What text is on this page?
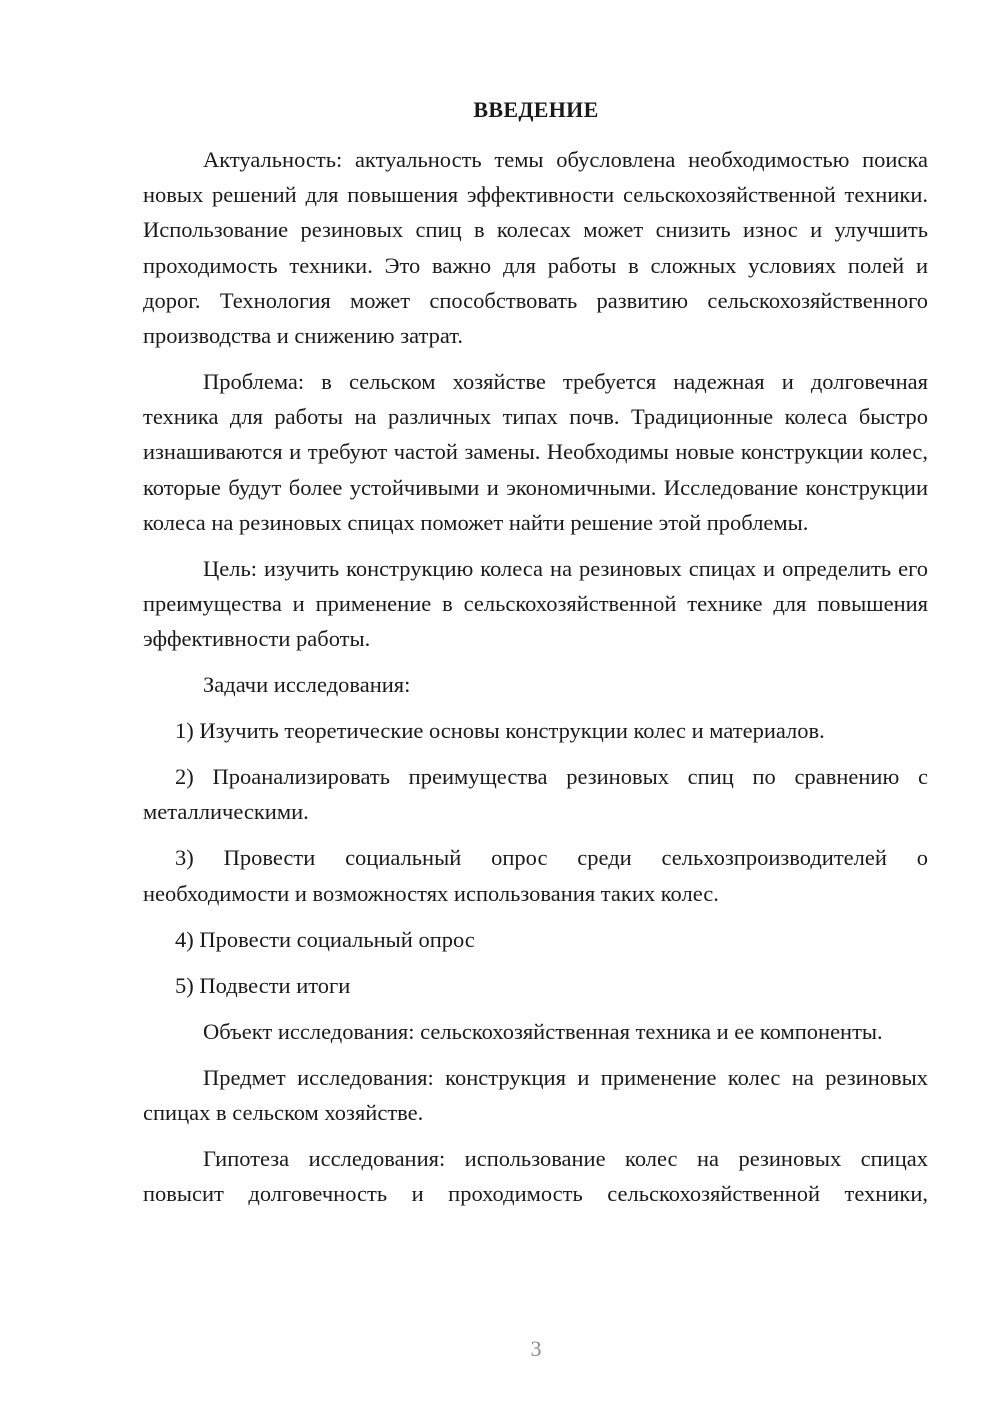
ВВЕДЕНИЕ

Актуальность: актуальность темы обусловлена необходимостью поиска новых решений для повышения эффективности сельскохозяйственной техники. Использование резиновых спиц в колесах может снизить износ и улучшить проходимость техники. Это важно для работы в сложных условиях полей и дорог. Технология может способствовать развитию сельскохозяйственного производства и снижению затрат.

Проблема: в сельском хозяйстве требуется надежная и долговечная техника для работы на различных типах почв. Традиционные колеса быстро изнашиваются и требуют частой замены. Необходимы новые конструкции колес, которые будут более устойчивыми и экономичными. Исследование конструкции колеса на резиновых спицах поможет найти решение этой проблемы.

Цель: изучить конструкцию колеса на резиновых спицах и определить его преимущества и применение в сельскохозяйственной технике для повышения эффективности работы.

Задачи исследования:

1) Изучить теоретические основы конструкции колес и материалов.

2) Проанализировать преимущества резиновых спиц по сравнению с металлическими.

3) Провести социальный опрос среди сельхозпроизводителей о необходимости и возможностях использования таких колес.

4) Провести социальный опрос

5) Подвести итоги

Объект исследования: сельскохозяйственная техника и ее компоненты.

Предмет исследования: конструкция и применение колес на резиновых спицах в сельском хозяйстве.

Гипотеза исследования: использование колес на резиновых спицах повысит долговечность и проходимость сельскохозяйственной техники,

3
